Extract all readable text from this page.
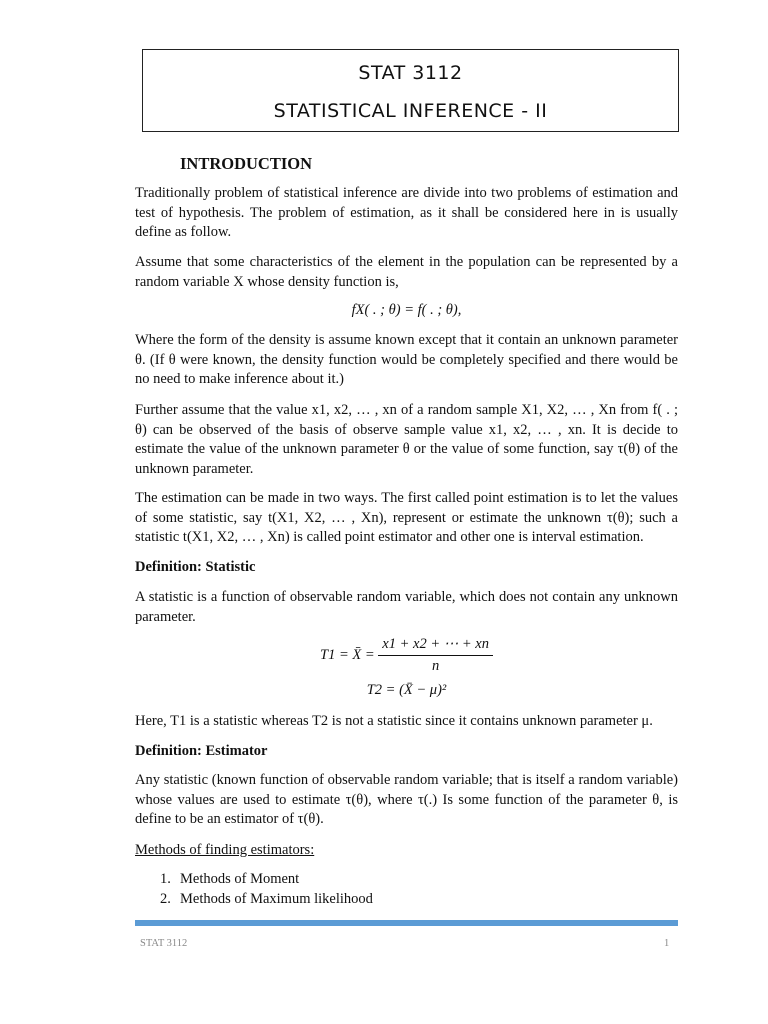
STAT 3112
STATISTICAL INFERENCE - II
INTRODUCTION
Traditionally problem of statistical inference are divide into two problems of estimation and test of hypothesis. The problem of estimation, as it shall be considered here in is usually define as follow.
Assume that some characteristics of the element in the population can be represented by a random variable X whose density function is,
fX( . ; θ) = f( . ; θ),
Where the form of the density is assume known except that it contain an unknown parameter θ. (If θ were known, the density function would be completely specified and there would be no need to make inference about it.)
Further assume that the value x1, x2, … , xn of a random sample X1, X2, … , Xn from f( . ; θ) can be observed of the basis of observe sample value x1, x2, … , xn. It is decide to estimate the value of the unknown parameter θ or the value of some function, say τ(θ) of the unknown parameter.
The estimation can be made in two ways. The first called point estimation is to let the values of some statistic, say t(X1, X2, … , Xn), represent or estimate the unknown τ(θ); such a statistic t(X1, X2, … , Xn) is called point estimator and other one is interval estimation.
Definition: Statistic
A statistic is a function of observable random variable, which does not contain any unknown parameter.
T1 = X̄ = $\frac{x1 + x2 + \cdots + xn}{n}$
T2 = (X̄ − μ)²
Here, T1 is a statistic whereas T2 is not a statistic since it contains unknown parameter μ.
Definition: Estimator
Any statistic (known function of observable random variable; that is itself a random variable) whose values are used to estimate τ(θ), where τ(.) Is some function of the parameter θ, is define to be an estimator of τ(θ).
Methods of finding estimators:
1. Methods of Moment
2. Methods of Maximum likelihood
STAT 3112	1
